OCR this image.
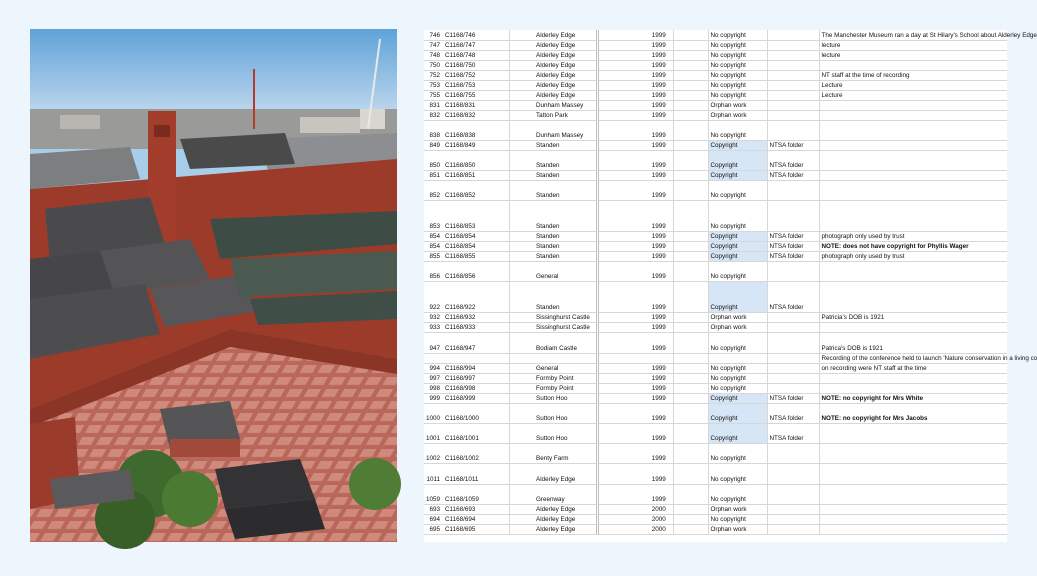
746	C1168/746		Alderley Edge		1999		No copyright		The Manchester Museum ran a day at St Hilary's School about Alderley Edge
747	C1168/747		Alderley Edge		1999		No copyright		lecture
748	C1168/748		Alderley Edge		1999		No copyright		lecture
750	C1168/750		Alderley Edge		1999		No copyright		
752	C1168/752		Alderley Edge		1999		No copyright		NT staff at the time of recording
753	C1168/753		Alderley Edge		1999		No copyright		Lecture
755	C1168/755		Alderley Edge		1999		No copyright		Lecture
831	C1168/831		Dunham Massey		1999		Orphan work		
832	C1168/832		Tatton Park		1999		Orphan work		
838	C1168/838		Dunham Massey		1999		No copyright		
849	C1168/849		Standen		1999		Copyright	NTSA folder	
850	C1168/850		Standen		1999		Copyright	NTSA folder	
851	C1168/851		Standen		1999		Copyright	NTSA folder	
852	C1168/852		Standen		1999		No copyright		
853	C1168/853		Standen		1999		No copyright		
854	C1168/854		Standen		1999		Copyright	NTSA folder	photograph only used by trust
854	C1168/854		Standen		1999		Copyright	NTSA folder	NOTE: does not have copyright for Phyllis Wager
855	C1168/855		Standen		1999		Copyright	NTSA folder	photograph only used by trust
856	C1168/856		General		1999		No copyright		
922	C1168/922		Standen		1999		Copyright	NTSA folder	
932	C1168/932		Sissinghurst Castle		1999		Orphan work		Patricia's DOB is 1921
933	C1168/933		Sissinghurst Castle		1999		Orphan work		
947	C1168/947		Bodiam Castle		1999		No copyright		Patrica's DOB is 1921
									Recording of the conference held to launch 'Nature conservation in a living co
994	C1168/994		General		1999		No copyright		on recording were NT staff at the time
997	C1168/997		Formby Point		1999		No copyright		
998	C1168/998		Formby Point		1999		No copyright		
999	C1168/999		Sutton Hoo		1999		Copyright	NTSA folder	NOTE: no copyright for Mrs White
1000	C1168/1000		Sutton Hoo		1999		Copyright	NTSA folder	NOTE: no copyright for Mrs Jacobs
1001	C1168/1001		Sutton Hoo		1999		Copyright	NTSA folder	
1002	C1168/1002		Benty Farm		1999		No copyright		
1011	C1168/1011		Alderley Edge		1999		No copyright		
1059	C1168/1059		Greenway		1999		No copyright		
693	C1168/693		Alderley Edge		2000		Orphan work		
694	C1168/694		Alderley Edge		2000		No copyright		
695	C1168/695		Alderley Edge		2000		Orphan work		
